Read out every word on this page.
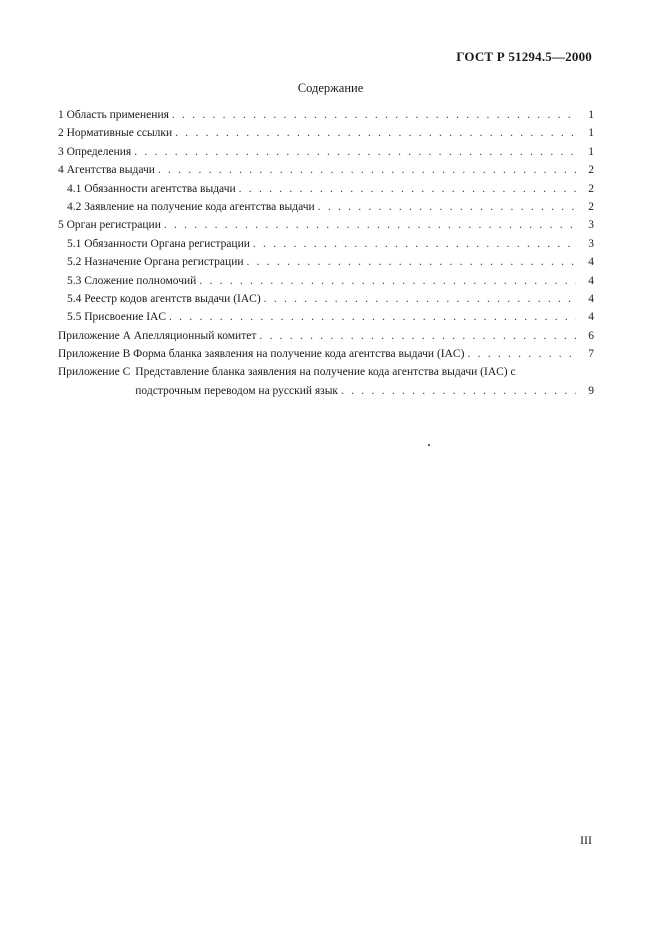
ГОСТ Р 51294.5—2000
Содержание
1 Область применения . . .	1
2 Нормативные ссылки . . .	1
3 Определения . . .	1
4 Агентства выдачи . . .	2
4.1 Обязанности агентства выдачи . . .	2
4.2 Заявление на получение кода агентства выдачи . . .	2
5 Орган регистрации . . .	3
5.1 Обязанности Органа регистрации . . .	3
5.2 Назначение Органа регистрации . . .	4
5.3 Сложение полномочий . . .	4
5.4 Реестр кодов агентств выдачи (IAC) . . .	4
5.5 Присвоение IAC . . .	4
Приложение А Апелляционный комитет . . .	6
Приложение В Форма бланка заявления на получение кода агентства выдачи (IAC) . . .	7
Приложение С Представление бланка заявления на получение кода агентства выдачи (IAC) с
подстрочным переводом на русский язык . . .	9
III
